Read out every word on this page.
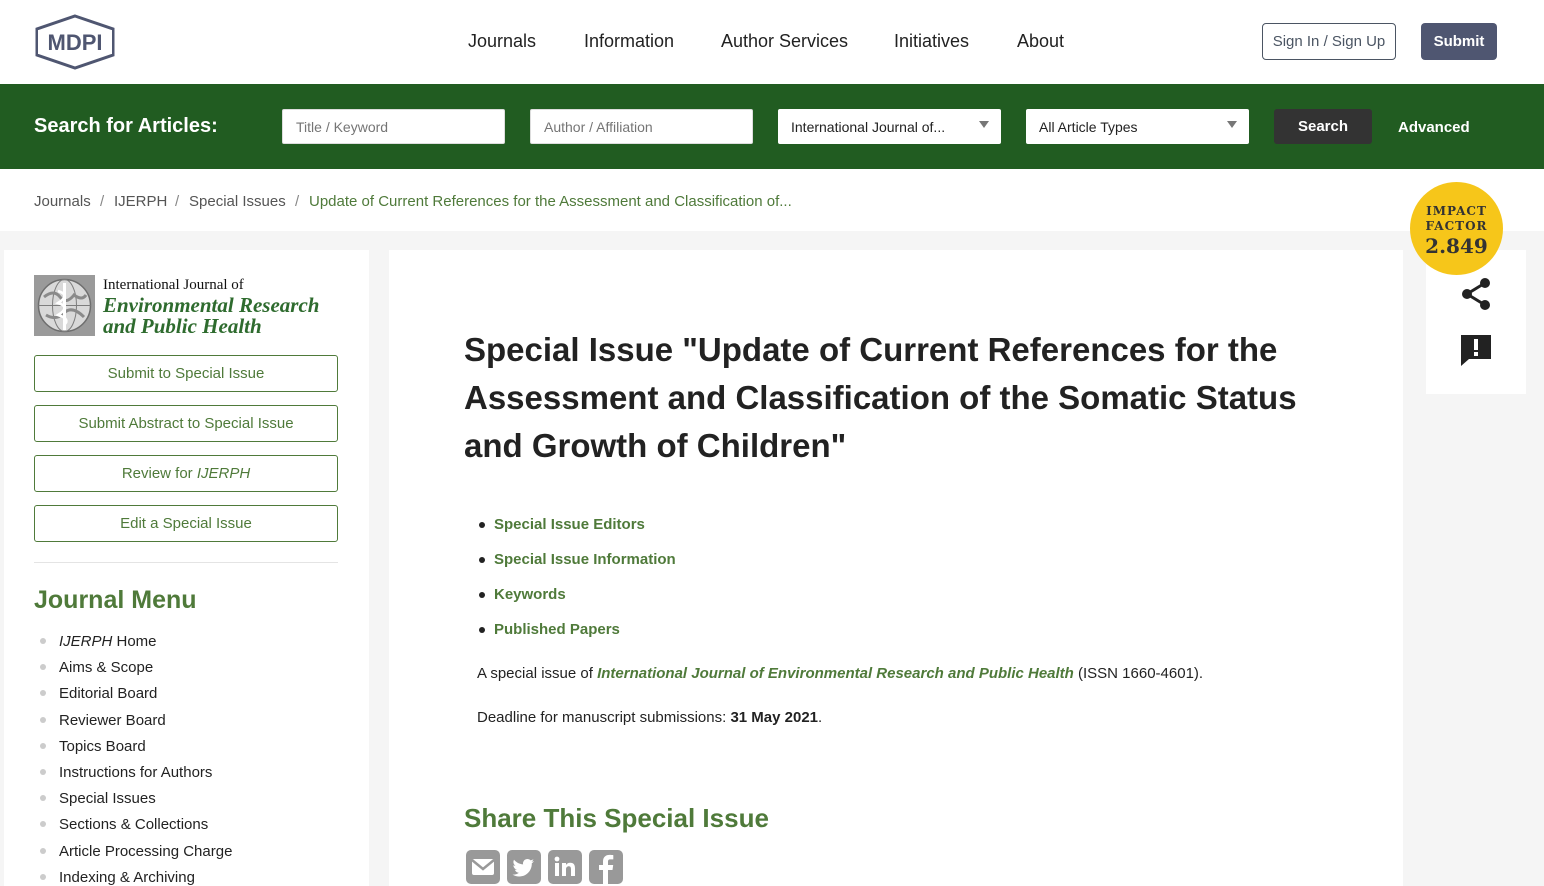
MDPI	Journals	Information	Author Services	Initiatives	About	Sign In / Sign Up	Submit
Search for Articles:
Title / Keyword
Author / Affiliation	International Journal of...	All Article Types	Search	Advanced
Journals / IJERPH / Special Issues / Update of Current References for the Assessment and Classification of...
IMPACT
FACTOR
2.849
International Journal of
Environmental Research
and Public Health
Submit to Special Issue
Submit Abstract to Special Issue
Review for IJERPH
Edit a Special Issue
Journal Menu
IJERPH Home
Aims & Scope
Editorial Board
Reviewer Board
Topics Board
Instructions for Authors
Special Issues
Sections & Collections
Article Processing Charge
Indexing & Archiving
Special Issue "Update of Current References for the Assessment and Classification of the Somatic Status and Growth of Children"
Special Issue Editors
Special Issue Information
Keywords
Published Papers
A special issue of International Journal of Environmental Research and Public Health (ISSN 1660-4601).
Deadline for manuscript submissions: 31 May 2021.
Share This Special Issue
